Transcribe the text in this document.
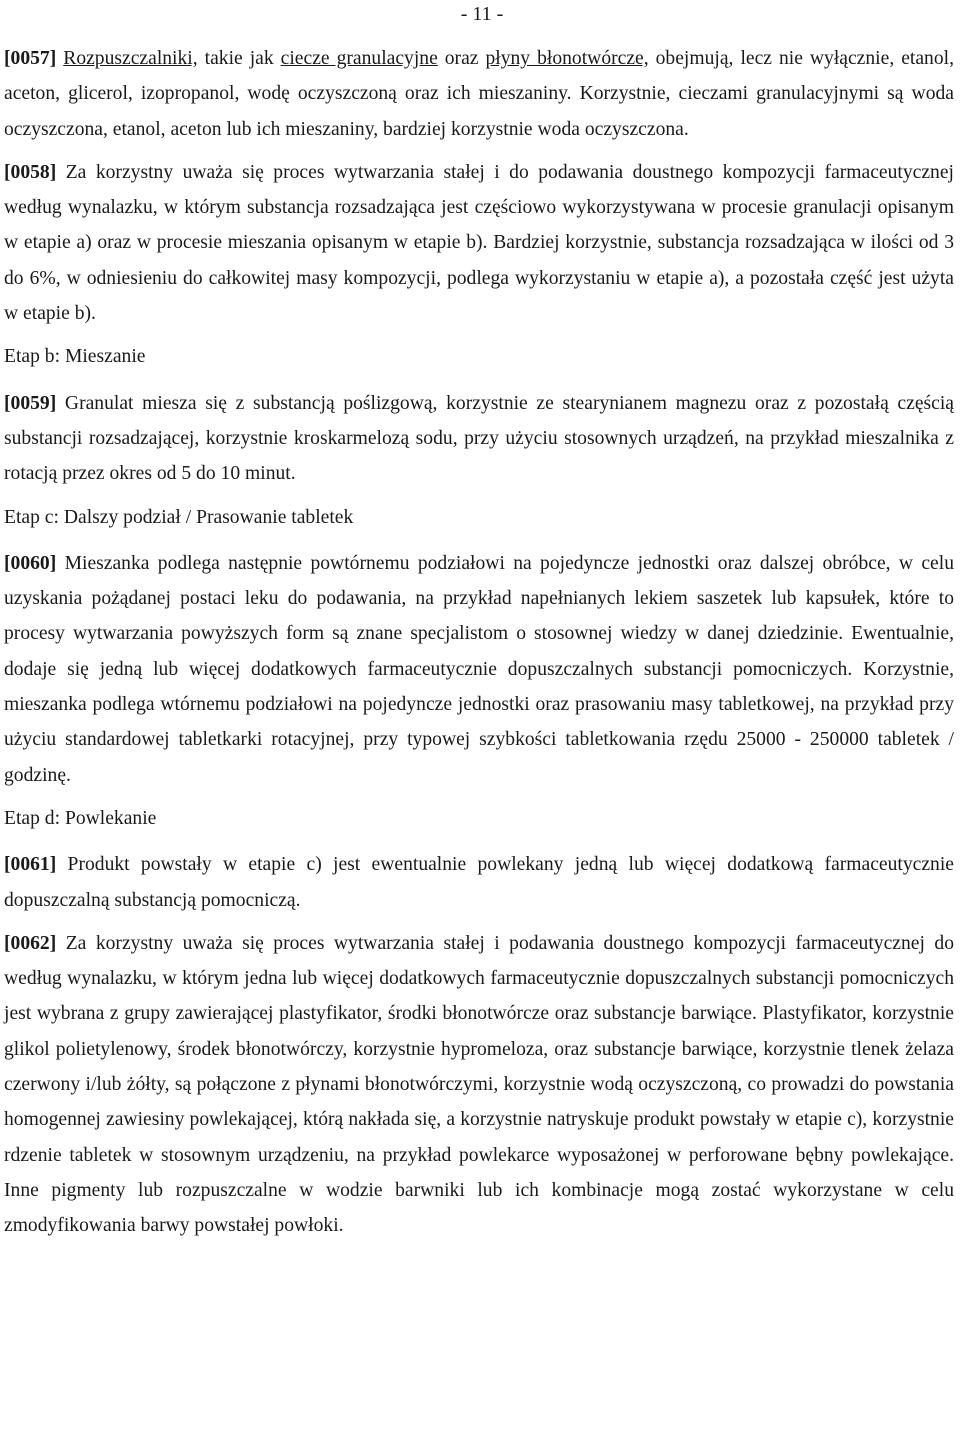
- 11 -

[0057] Rozpuszczalniki, takie jak ciecze granulacyjne oraz płyny błonotwórcze, obejmują, lecz nie wyłącznie, etanol, aceton, glicerol, izopropanol, wodę oczyszczoną oraz ich mieszaniny. Korzystnie, cieczami granulacyjnymi są woda oczyszczona, etanol, aceton lub ich mieszaniny, bardziej korzystnie woda oczyszczona.

[0058] Za korzystny uważa się proces wytwarzania stałej i do podawania doustnego kompozycji farmaceutycznej według wynalazku, w którym substancja rozsadzająca jest częściowo wykorzystywana w procesie granulacji opisanym w etapie a) oraz w procesie mieszania opisanym w etapie b). Bardziej korzystnie, substancja rozsadzająca w ilości od 3 do 6%, w odniesieniu do całkowitej masy kompozycji, podlega wykorzystaniu w etapie a), a pozostała część jest użyta w etapie b).

Etap b: Mieszanie

[0059] Granulat miesza się z substancją poślizgową, korzystnie ze stearynianem magnezu oraz z pozostałą częścią substancji rozsadzającej, korzystnie kroskarmelozą sodu, przy użyciu stosownych urządzeń, na przykład mieszalnika z rotacją przez okres od 5 do 10 minut.

Etap c: Dalszy podział / Prasowanie tabletek

[0060] Mieszanka podlega następnie powtórnemu podziałowi na pojedyncze jednostki oraz dalszej obróbce, w celu uzyskania pożądanej postaci leku do podawania, na przykład napełnianych lekiem saszetek lub kapsułek, które to procesy wytwarzania powyższych form są znane specjalistom o stosownej wiedzy w danej dziedzinie. Ewentualnie, dodaje się jedną lub więcej dodatkowych farmaceutycznie dopuszczalnych substancji pomocniczych. Korzystnie, mieszanka podlega wtórnemu podziałowi na pojedyncze jednostki oraz prasowaniu masy tabletkowej, na przykład przy użyciu standardowej tabletkarki rotacyjnej, przy typowej szybkości tabletkowania rzędu 25000 - 250000 tabletek / godzinę.

Etap d: Powlekanie

[0061] Produkt powstały w etapie c) jest ewentualnie powlekany jedną lub więcej dodatkową farmaceutycznie dopuszczalną substancją pomocniczą.

[0062] Za korzystny uważa się proces wytwarzania stałej i podawania doustnego kompozycji farmaceutycznej do według wynalazku, w którym jedna lub więcej dodatkowych farmaceutycznie dopuszczalnych substancji pomocniczych jest wybrana z grupy zawierającej plastyfikator, środki błonotwórcze oraz substancje barwiące. Plastyfikator, korzystnie glikol polietylenowy, środek błonotwórczy, korzystnie hypromeloza, oraz substancje barwiące, korzystnie tlenek żelaza czerwony i/lub żółty, są połączone z płynami błonotwórczymi, korzystnie wodą oczyszczoną, co prowadzi do powstania homogennej zawiesiny powlekającej, którą nakłada się, a korzystnie natryskuje produkt powstały w etapie c), korzystnie rdzenie tabletek w stosownym urządzeniu, na przykład powlekarce wyposażonej w perforowane bębny powlekające. Inne pigmenty lub rozpuszczalne w wodzie barwniki lub ich kombinacje mogą zostać wykorzystane w celu zmodyfikowania barwy powstałej powłoki.
